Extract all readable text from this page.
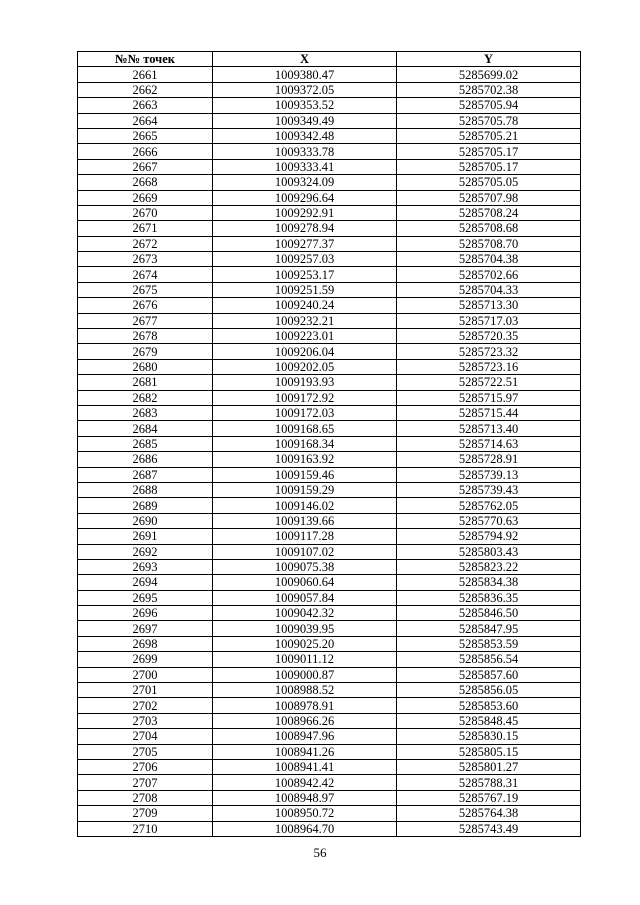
№№ точек	X	Y
2661	1009380.47	5285699.02
2662	1009372.05	5285702.38
2663	1009353.52	5285705.94
2664	1009349.49	5285705.78
2665	1009342.48	5285705.21
2666	1009333.78	5285705.17
2667	1009333.41	5285705.17
2668	1009324.09	5285705.05
2669	1009296.64	5285707.98
2670	1009292.91	5285708.24
2671	1009278.94	5285708.68
2672	1009277.37	5285708.70
2673	1009257.03	5285704.38
2674	1009253.17	5285702.66
2675	1009251.59	5285704.33
2676	1009240.24	5285713.30
2677	1009232.21	5285717.03
2678	1009223.01	5285720.35
2679	1009206.04	5285723.32
2680	1009202.05	5285723.16
2681	1009193.93	5285722.51
2682	1009172.92	5285715.97
2683	1009172.03	5285715.44
2684	1009168.65	5285713.40
2685	1009168.34	5285714.63
2686	1009163.92	5285728.91
2687	1009159.46	5285739.13
2688	1009159.29	5285739.43
2689	1009146.02	5285762.05
2690	1009139.66	5285770.63
2691	1009117.28	5285794.92
2692	1009107.02	5285803.43
2693	1009075.38	5285823.22
2694	1009060.64	5285834.38
2695	1009057.84	5285836.35
2696	1009042.32	5285846.50
2697	1009039.95	5285847.95
2698	1009025.20	5285853.59
2699	1009011.12	5285856.54
2700	1009000.87	5285857.60
2701	1008988.52	5285856.05
2702	1008978.91	5285853.60
2703	1008966.26	5285848.45
2704	1008947.96	5285830.15
2705	1008941.26	5285805.15
2706	1008941.41	5285801.27
2707	1008942.42	5285788.31
2708	1008948.97	5285767.19
2709	1008950.72	5285764.38
2710	1008964.70	5285743.49
56
